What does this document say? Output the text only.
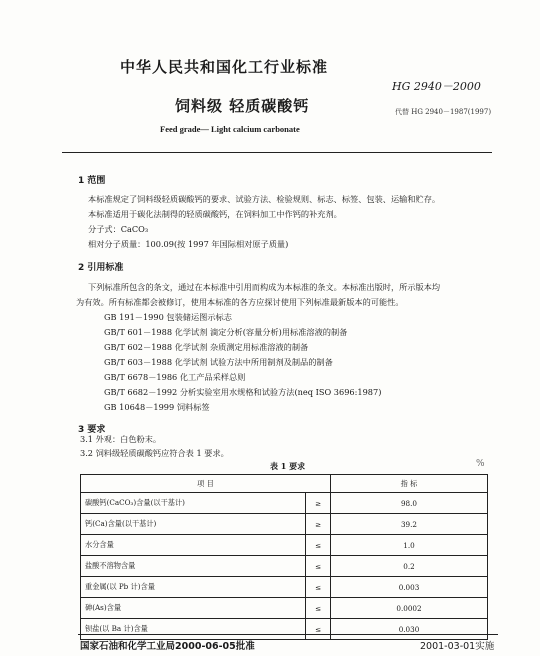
中华人民共和国化工行业标准
HG 2940－2000
饲料级 轻质碳酸钙	代替 HG 2940－1987(1997)
Feed grade— Light calcium carbonate
1 范围
本标准规定了饲料级轻质碳酸钙的要求、试验方法、检验规则、标志、标签、包装、运输和贮存。
本标准适用于碳化法制得的轻质碳酸钙，在饲料加工中作钙的补充剂。
分子式：CaCO₃
相对分子质量：100.09(按 1997 年国际相对原子质量)
2 引用标准
下列标准所包含的条文，通过在本标准中引用而构成为本标准的条文。本标准出版时，所示版本均
为有效。所有标准都会被修订，使用本标准的各方应探讨使用下列标准最新版本的可能性。
GB 191－1990 包装储运图示标志
GB/T 601－1988 化学试剂 滴定分析(容量分析)用标准溶液的制备
GB/T 602－1988 化学试剂 杂质测定用标准溶液的制备
GB/T 603－1988 化学试剂 试验方法中所用制剂及制品的制备
GB/T 6678－1986 化工产品采样总则
GB/T 6682－1992 分析实验室用水规格和试验方法(neq ISO 3696:1987)
GB 10648－1999 饲料标签
3 要求
3.1 外观：白色粉末。
3.2 饲料级轻质碳酸钙应符合表 1 要求。
表 1 要求	%
项 目		指 标
碳酸钙(CaCO₃)含量(以干基计)	≥	98.0
钙(Ca)含量(以干基计)	≥	39.2
水分含量	≤	1.0
盐酸不溶物含量	≤	0.2
重金属(以 Pb 计)含量	≤	0.003
砷(As)含量	≤	0.0002
钡盐(以 Ba 计)含量	≤	0.030
国家石油和化学工业局2000-06-05批准	2001-03-01实施
